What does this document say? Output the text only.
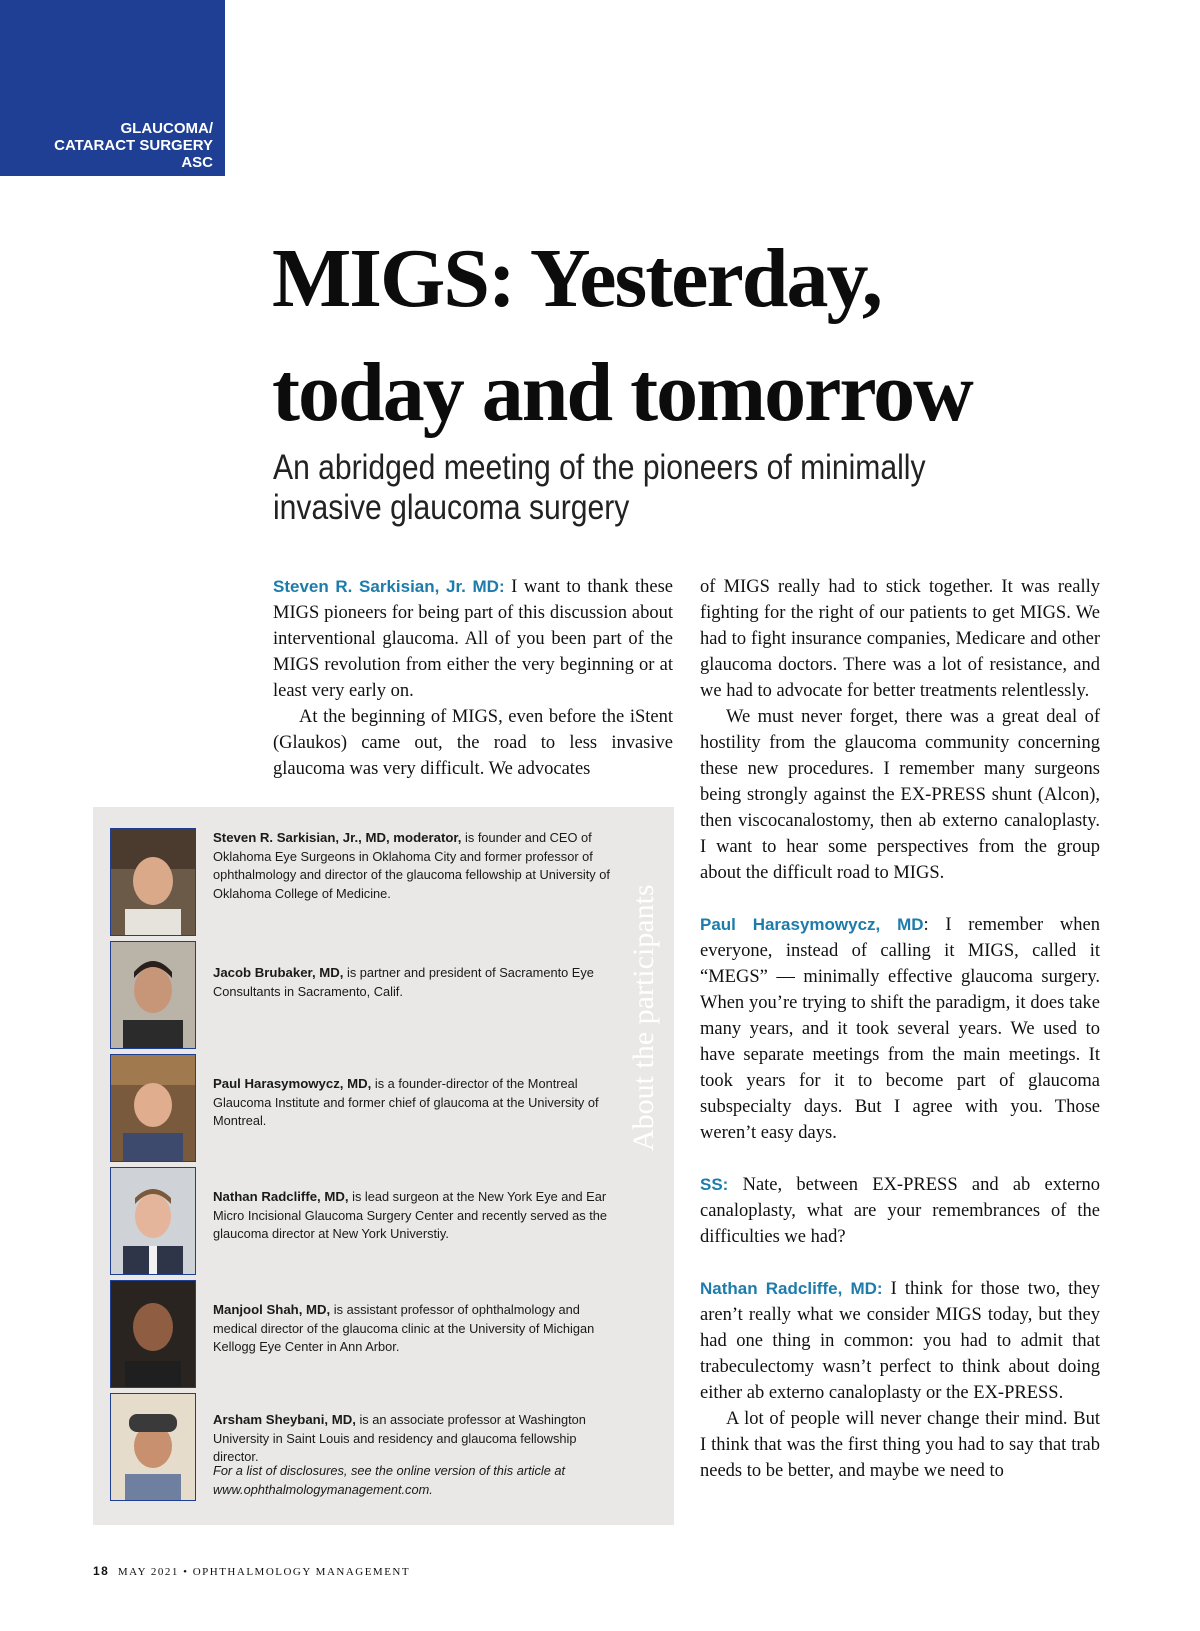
GLAUCOMA/
CATARACT SURGERY
ASC
MIGS: Yesterday,
today and tomorrow

An abridged meeting of the pioneers of minimally invasive glaucoma surgery

Steven R. Sarkisian, Jr. MD: I want to thank these MIGS pioneers for being part of this discussion about interventional glaucoma. All of you been part of the MIGS revolution from either the very beginning or at least very early on.

At the beginning of MIGS, even before the iStent (Glaukos) came out, the road to less invasive glaucoma was very difficult. We advocates

of MIGS really had to stick together. It was really fighting for the right of our patients to get MIGS. We had to fight insurance companies, Medicare and other glaucoma doctors. There was a lot of resistance, and we had to advocate for better treatments relentlessly.

We must never forget, there was a great deal of hostility from the glaucoma community concerning these new procedures. I remember many surgeons being strongly against the EX-PRESS shunt (Alcon), then viscocanalostomy, then ab externo canaloplasty. I want to hear some perspectives from the group about the difficult road to MIGS.

Paul Harasymowycz, MD: I remember when everyone, instead of calling it MIGS, called it “MEGS” — minimally effective glaucoma surgery. When you’re trying to shift the paradigm, it does take many years, and it took several years. We used to have separate meetings from the main meetings. It took years for it to become part of glaucoma subspecialty days. But I agree with you. Those weren’t easy days.

SS: Nate, between EX-PRESS and ab externo canaloplasty, what are your remembrances of the difficulties we had?

Nathan Radcliffe, MD: I think for those two, they aren’t really what we consider MIGS today, but they had one thing in common: you had to admit that trabeculectomy wasn’t perfect to think about doing either ab externo canaloplasty or the EX-PRESS.

A lot of people will never change their mind. But I think that was the first thing you had to say that trab needs to be better, and maybe we need to

About the participants
Steven R. Sarkisian, Jr., MD, moderator, is founder and CEO of Oklahoma Eye Surgeons in Oklahoma City and former professor of ophthalmology and director of the glaucoma fellowship at University of Oklahoma College of Medicine.
Jacob Brubaker, MD, is partner and president of Sacramento Eye Consultants in Sacramento, Calif.
Paul Harasymowycz, MD, is a founder-director of the Montreal Glaucoma Institute and former chief of glaucoma at the University of Montreal.
Nathan Radcliffe, MD, is lead surgeon at the New York Eye and Ear Micro Incisional Glaucoma Surgery Center and recently served as the glaucoma director at New York Universtiy.
Manjool Shah, MD, is assistant professor of ophthalmology and medical director of the glaucoma clinic at the University of Michigan Kellogg Eye Center in Ann Arbor.
Arsham Sheybani, MD, is an associate professor at Washington University in Saint Louis and residency and glaucoma fellowship director.
For a list of disclosures, see the online version of this article at www.ophthalmologymanagement.com.
18 MAY 2021 • OPHTHALMOLOGY MANAGEMENT
